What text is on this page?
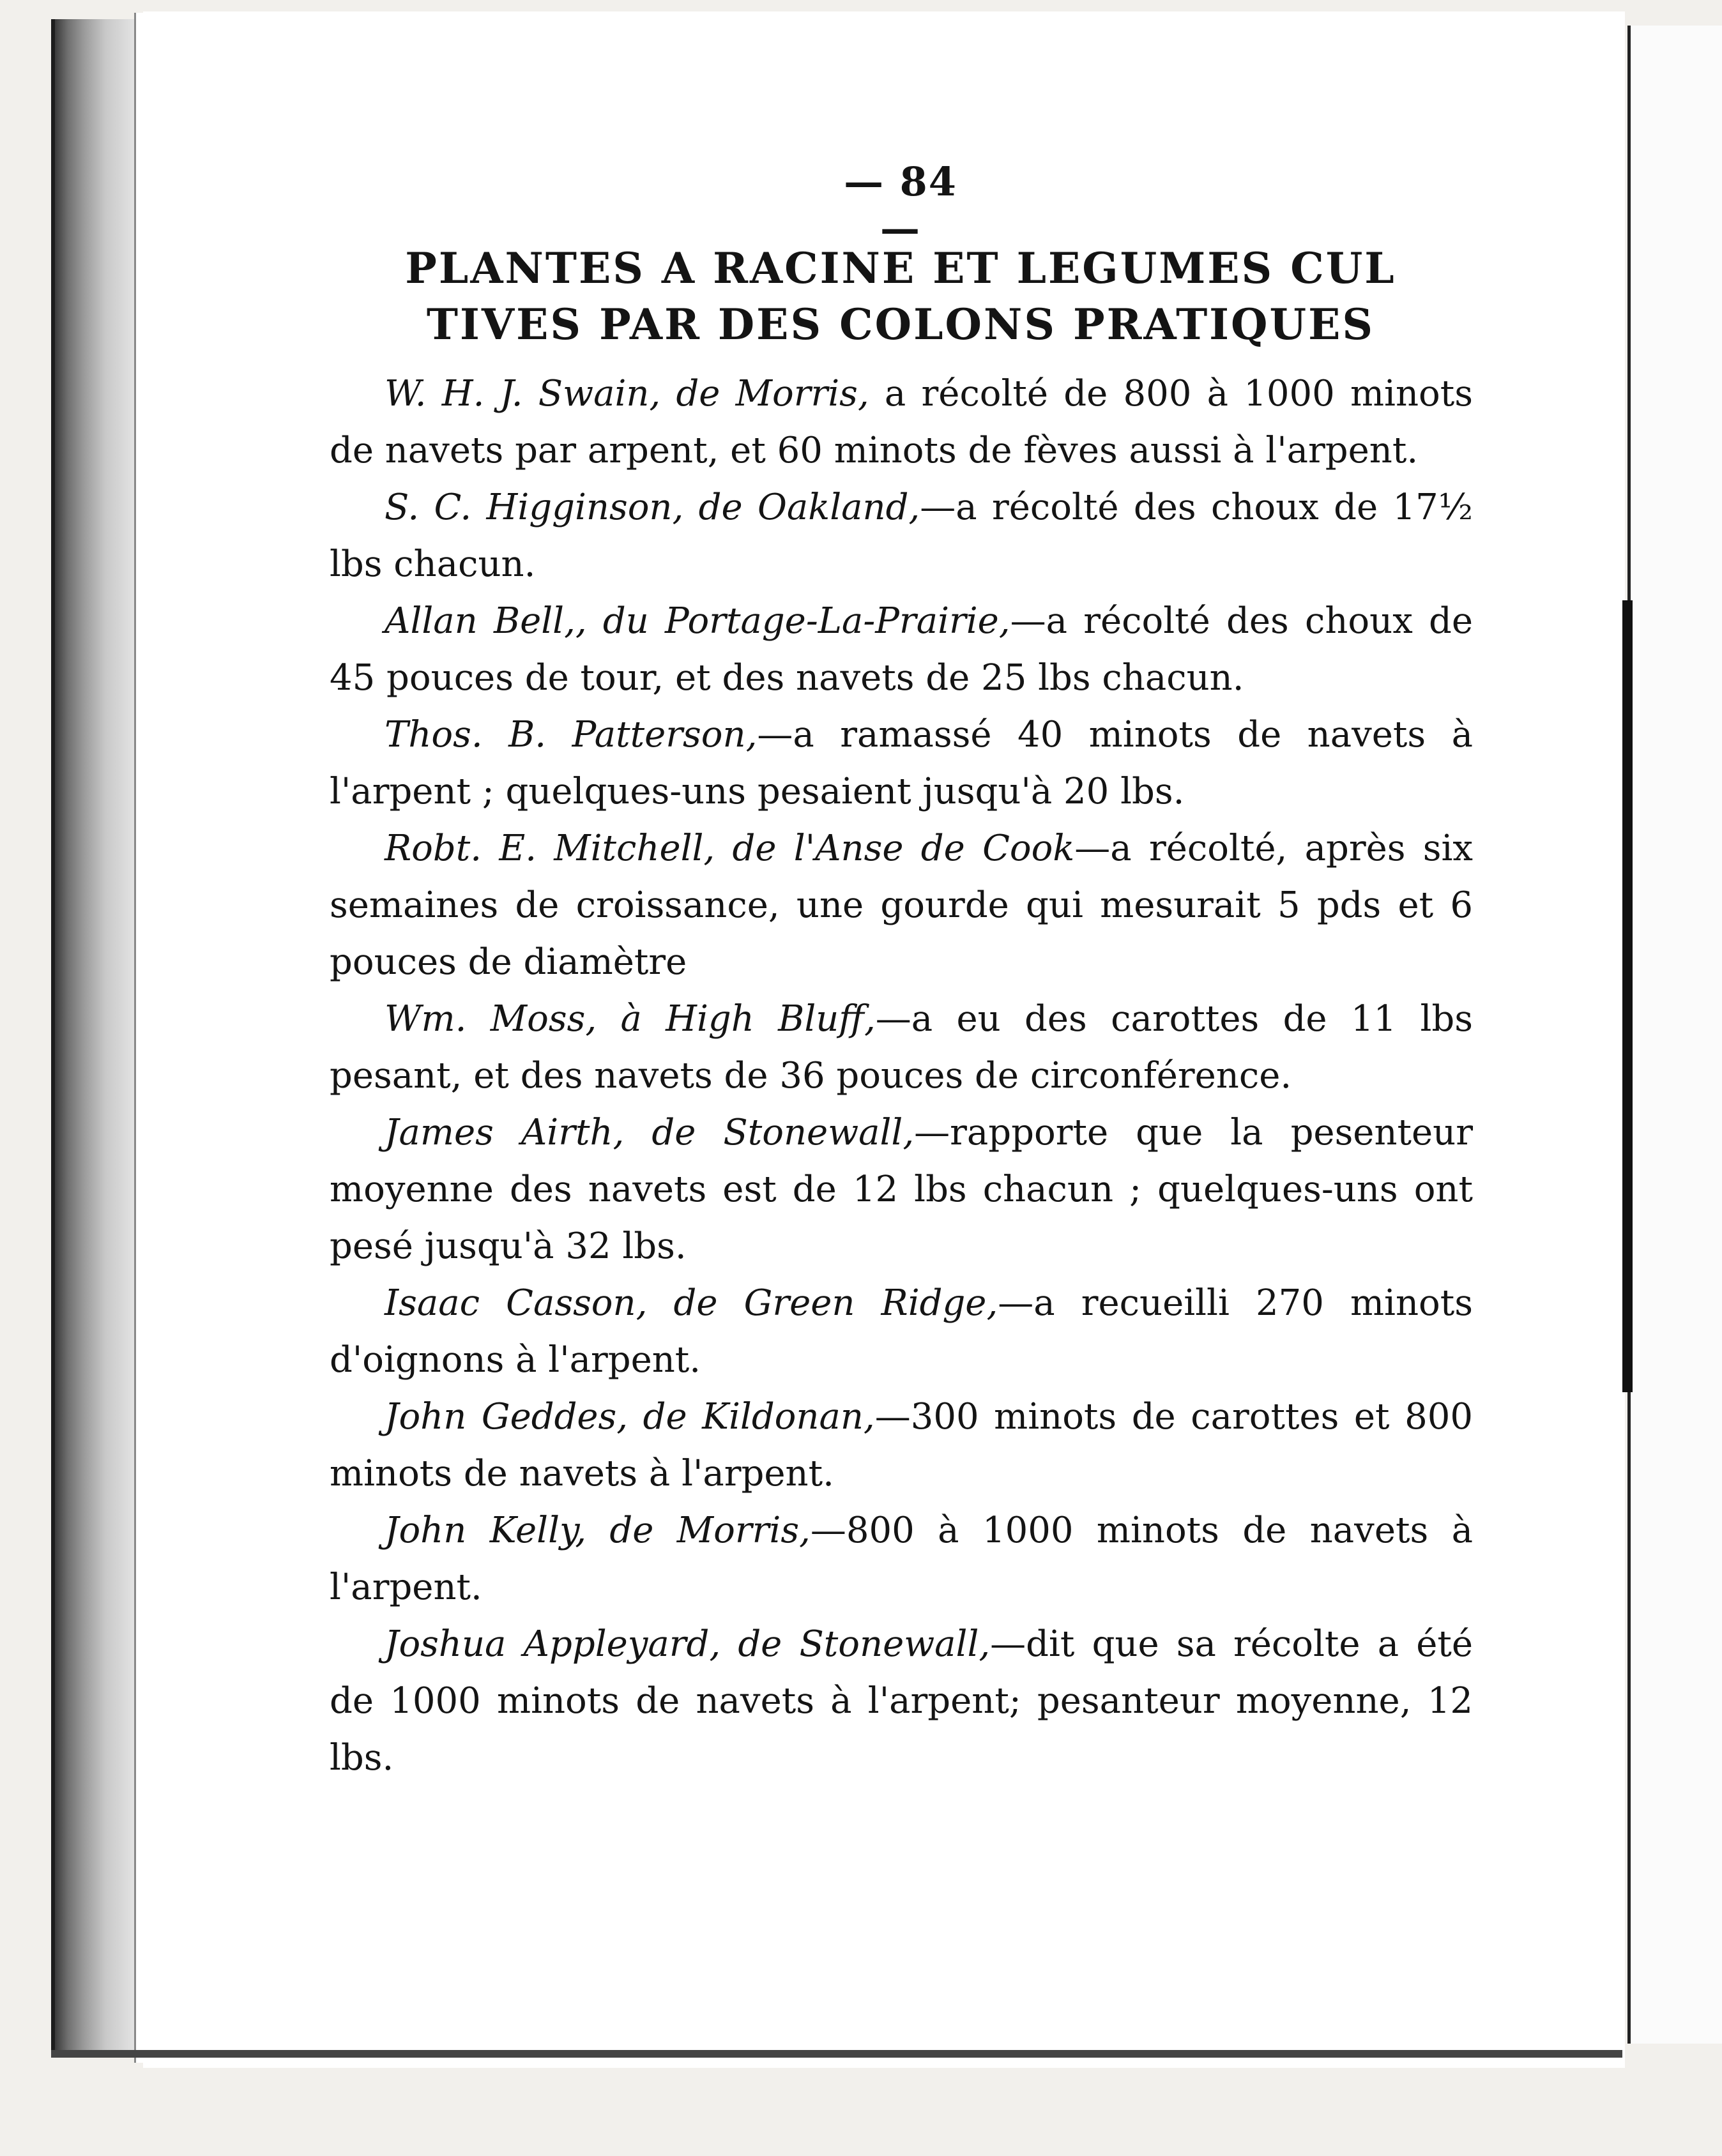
— 84 —
PLANTES A RACINE ET LEGUMES CUL
TIVES PAR DES COLONS PRATIQUES

W. H. J. Swain, de Morris, a récolté de 800 à 1000 minots de navets par arpent, et 60 minots de fèves aussi à l'arpent.

S. C. Higginson, de Oakland,—a récolté des choux de 17½ lbs chacun.

Allan Bell,, du Portage-La-Prairie,—a récolté des choux de 45 pouces de tour, et des navets de 25 lbs chacun.

Thos. B. Patterson,—a ramassé 40 minots de navets à l'arpent ; quelques-uns pesaient jusqu'à 20 lbs.

Robt. E. Mitchell, de l'Anse de Cook—a récolté, après six semaines de croissance, une gourde qui mesurait 5 pds et 6 pouces de diamètre

Wm. Moss, à High Bluff,—a eu des carottes de 11 lbs pesant, et des navets de 36 pouces de circonférence.

James Airth, de Stonewall,—rapporte que la pesenteur moyenne des navets est de 12 lbs chacun ; quelques-uns ont pesé jusqu'à 32 lbs.

Isaac Casson, de Green Ridge,—a recueilli 270 minots d'oignons à l'arpent.

John Geddes, de Kildonan,—300 minots de carottes et 800 minots de navets à l'arpent.

John Kelly, de Morris,—800 à 1000 minots de navets à l'arpent.

Joshua Appleyard, de Stonewall,—dit que sa récolte a été de 1000 minots de navets à l'arpent; pesanteur moyenne, 12 lbs.
